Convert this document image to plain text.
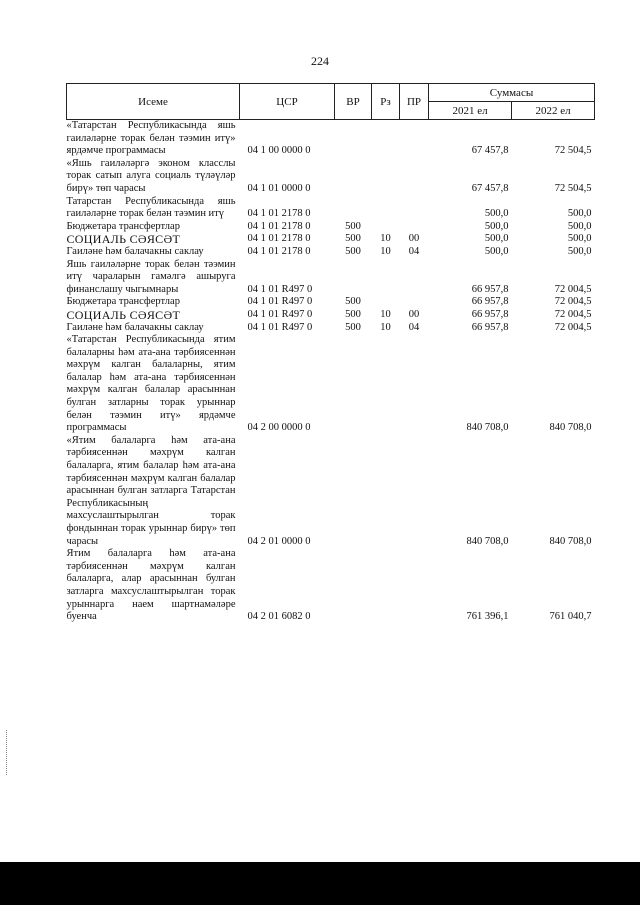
224
Исеме	ЦСР	ВР	Рз	ПР	Суммасы	
					2021 ел	2022 ел
«Татарстан Республикасында яшь гаиләләрне торак белән тәэмин итү» ярдәмче программасы	04 1 00 0000 0				67 457,8	72 504,5
«Яшь гаиләләргә эконом класслы торак сатып алуга социаль түләүләр бирү» төп чарасы	04 1 01 0000 0				67 457,8	72 504,5
Татарстан Республикасында яшь гаиләләрне торак белән тәэмин итү	04 1 01 2178 0				500,0	500,0
Бюджетара трансфертлар	04 1 01 2178 0	500			500,0	500,0
СОЦИАЛЬ СӘЯСӘТ	04 1 01 2178 0	500	10	00	500,0	500,0
Гаиләне һәм балачакны саклау	04 1 01 2178 0	500	10	04	500,0	500,0
Яшь гаиләләрне торак белән тәэмин итү чараларын гамәлгә ашыруга финанслашу чыгымнары	04 1 01 R497 0				66 957,8	72 004,5
Бюджетара трансфертлар	04 1 01 R497 0	500			66 957,8	72 004,5
СОЦИАЛЬ СӘЯСӘТ	04 1 01 R497 0	500	10	00	66 957,8	72 004,5
Гаиләне һәм балачакны саклау	04 1 01 R497 0	500	10	04	66 957,8	72 004,5
«Татарстан Республикасында ятим балаларны һәм ата-ана тәрбиясеннән мәхрүм калган балаларны, ятим балалар һәм ата-ана тәрбиясеннән мәхрүм калган балалар арасыннан булган затларны торак урыннар белән тәэмин итү» ярдәмче программасы	04 2 00 0000 0				840 708,0	840 708,0
«Ятим балаларга һәм ата-ана тәрбиясеннән мәхрүм калган балаларга, ятим балалар һәм ата-ана тәрбиясеннән мәхрүм калган балалар арасыннан булган затларга Татарстан Республикасының махсуслаштырылган торак фондыннан торак урыннар бирү» төп чарасы	04 2 01 0000 0				840 708,0	840 708,0
Ятим балаларга һәм ата-ана тәрбиясеннән мәхрүм калган балаларга, алар арасыннан булган затларга махсуслаштырылган торак урыннарга наем шартнамәләре буенча	04 2 01 6082 0				761 396,1	761 040,7
